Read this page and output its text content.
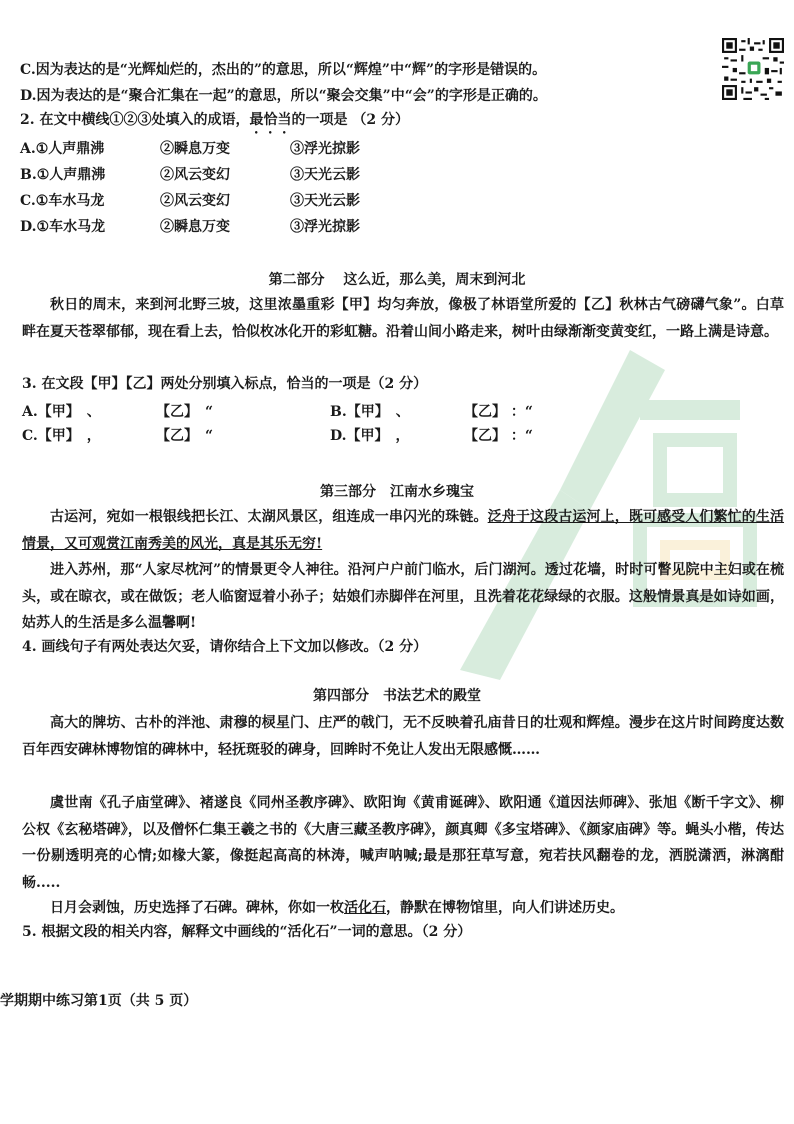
C.因为表达的是“光辉灿烂的，杰出的”的意思，所以“辉煌”中“辉”的字形是错误的。
D.因为表达的是“聚合汇集在一起”的意思，所以“聚会交集”中“会”的字形是正确的。
2. 在文中横线①②③处填入的成语，最恰当的一项是 （2 分）
A.①人声鼎沸	②瞬息万变	③浮光掠影
B.①人声鼎沸	②风云变幻	③天光云影
C.①车水马龙	②风云变幻	③天光云影
D.①车水马龙	②瞬息万变	③浮光掠影
第二部分　 这么近，那么美，周末到河北
秋日的周末，来到河北野三坡，这里浓墨重彩【甲】均匀奔放，像极了林语堂所爱的【乙】秋林古气磅礴气象”。白草畔在夏天苍翠郁郁，现在看上去，恰似枚冰化开的彩虹糖。沿着山间小路走来，树叶由绿渐渐变黄变红，一路上满是诗意。
3. 在文段【甲】【乙】两处分别填入标点，恰当的一项是（2 分）
A.【甲】　、	【乙】　“	B.【甲】　、	【乙】 ：“
C.【甲】　，	【乙】　“	D.【甲】　，	【乙】 ：“
第三部分　江南水乡瑰宝
古运河，宛如一根银线把长江、太湖风景区，组连成一串闪光的珠链。泛舟于这段古运河上，既可感受人们繁忙的生活情景，又可观赏江南秀美的风光，真是其乐无穷!
进入苏州，那“人家尽枕河”的情景更令人神往。沿河户户前门临水，后门湖河。透过花墙，时时可瞥见院中主妇或在梳头，或在晾衣，或在做饭；老人临窗逗着小孙子；姑娘们赤脚伴在河里，且洗着花花绿绿的衣服。这般情景真是如诗如画，姑苏人的生活是多么温馨啊!
4. 画线句子有两处表达欠妥，请你结合上下文加以修改。（2 分）
第四部分　书法艺术的殿堂
高大的牌坊、古朴的泮池、肃穆的棂星门、庄严的戟门，无不反映着孔庙昔日的壮观和辉煌。漫步在这片时间跨度达数百年西安碑林博物馆的碑林中，轻抚斑驳的碑身，回眸时不免让人发出无限感慨……
虞世南《孔子庙堂碑》、褚遂良《同州圣教序碑》、欧阳询《黄甫诞碑》、欧阳通《道因法师碑》、张旭《断千字文》、柳公权《玄秘塔碑》，以及僧怀仁集王羲之书的《大唐三藏圣教序碑》，颜真卿《多宝塔碑》、《颜家庙碑》等。蝇头小楷，传达一份剔透明亮的心情;如椽大篆，像挺起高高的林涛，喊声呐喊;最是那狂草写意，宛若扶风翻卷的龙，洒脱潇洒，淋漓酣畅.....
日月会剥蚀，历史选择了石碑。碑林，你如一枚活化石，静默在博物馆里，向人们讲述历史。
5. 根据文段的相关内容，解释文中画线的“活化石”一词的意思。（2 分）
学期期中练习第1页（共 5 页）
